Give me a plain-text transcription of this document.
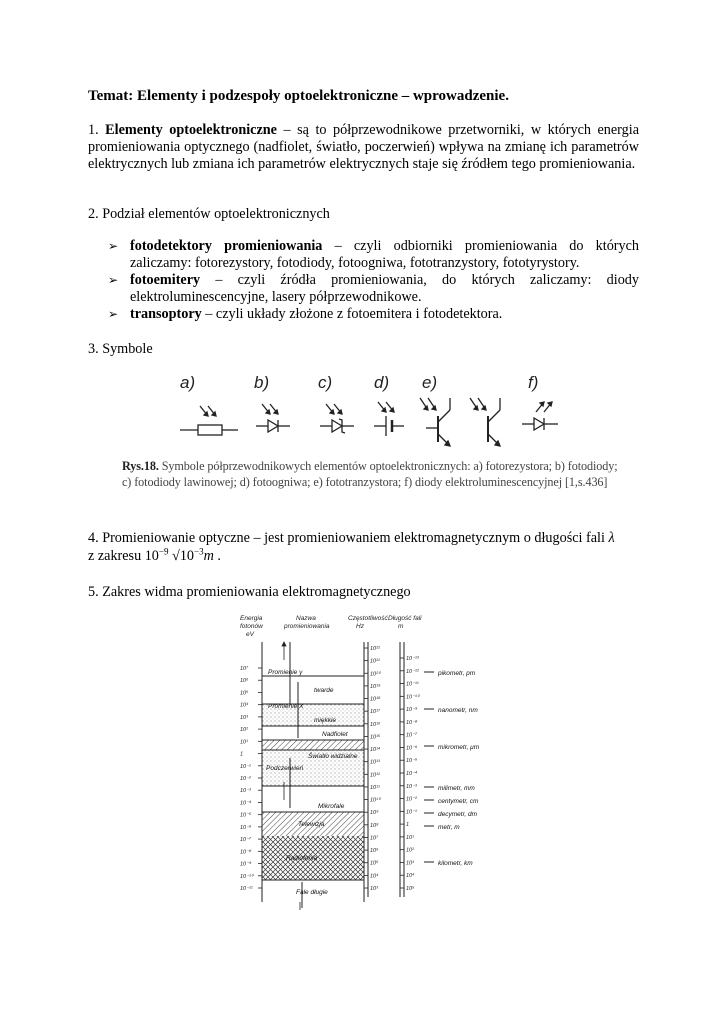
Temat: Elementy i podzespoły optoelektroniczne – wprowadzenie.
1. Elementy optoelektroniczne – są to półprzewodnikowe przetworniki, w których energia promieniowania optycznego (nadfiolet, światło, poczerwień) wpływa na zmianę ich parametrów elektrycznych lub zmiana ich parametrów elektrycznych staje się źródłem tego promieniowania.
2. Podział elementów optoelektronicznych

➢ fotodetektory promieniowania – czyli odbiorniki promieniowania do których zaliczamy: fotorezystory, fotodiody, fotoogniwa, fototranzystory, fototyrystory.

➢ fotoemitery – czyli źródła promieniowania, do których zaliczamy: diody elektroluminescencyjne, lasery półprzewodnikowe.

➢ transoptory – czyli układy złożone z fotoemitera i fotodetektora.

3. Symbole
a)	b)	c) d) e)	f)
Rys.18. Symbole półprzewodnikowych elementów optoelektronicznych: a) fotorezystora; b) fotodiody; c) fotodiody lawinowej; d) fotoogniwa; e) fototranzystora; f) diody elektroluminescencyjnej [1,s.436]
4. Promieniowanie optyczne – jest promieniowaniem elektromagnetycznym o długości fali λ
z zakresu $10^{-9}$ $√10^{-3}m$ .
5. Zakres widma promieniowania elektromagnetycznego
Energia
fotonów
eV
Nazwa
promieniowania
Częstotliwość
Hz
Długość fali
m
10⁷
10⁶
10⁵
10⁴
10³
10²
10¹
1
10⁻¹
10⁻²
10⁻³
10⁻⁴
10⁻⁵
10⁻⁶
10⁻⁷
10⁻⁸
10⁻⁹
10⁻¹⁰
10⁻¹¹
10²²
10²¹
10²⁰
10¹⁹
10¹⁸
10¹⁷
10¹⁶
10¹⁵
10¹⁴
10¹³
10¹²
10¹¹
10¹⁰
10⁹
10⁸
10⁷
10⁶
10⁵
10⁴
10³
10⁻¹³
10⁻¹²
10⁻¹¹
10⁻¹⁰
10⁻⁹
10⁻⁸
10⁻⁷
10⁻⁶
10⁻⁵
10⁻⁴
10⁻³
10⁻²
10⁻¹
1
10¹
10²
10³
10⁴
10⁵
Promienie γ
twarde
Promienie X
miękkie
Nadfiolet
Światło widzialne
Podczerwień
Mikrofale
Telewizja
Radiofonia
Fale długie
pikometr, pm
nanometr, nm
mikrometr, μm
milimetr, mm
centymetr, cm
decymetr, dm
metr, m
kilometr, km
